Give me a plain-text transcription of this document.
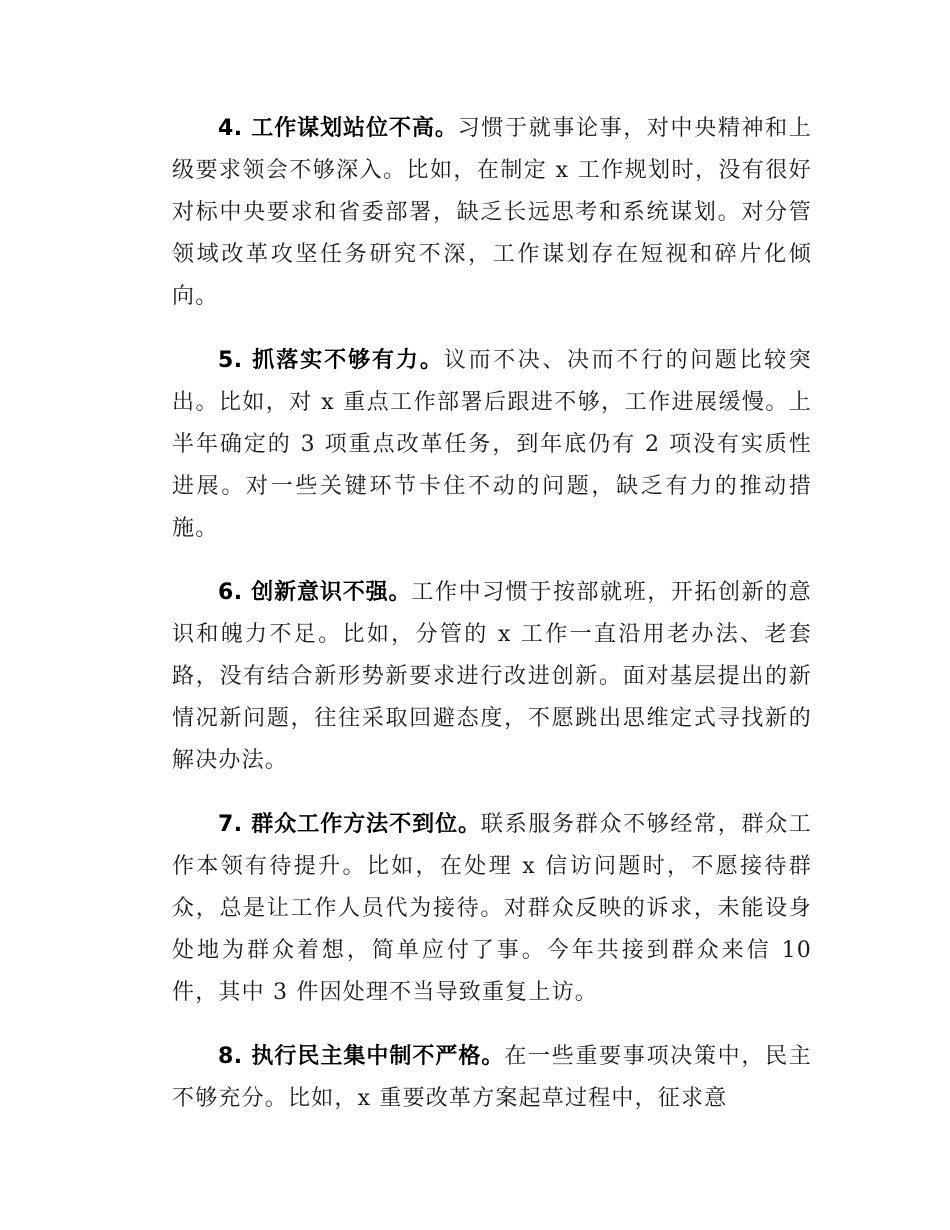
4. 工作谋划站位不高。习惯于就事论事，对中央精神和上级要求领会不够深入。比如，在制定 x 工作规划时，没有很好对标中央要求和省委部署，缺乏长远思考和系统谋划。对分管领域改革攻坚任务研究不深，工作谋划存在短视和碎片化倾向。

5. 抓落实不够有力。议而不决、决而不行的问题比较突出。比如，对 x 重点工作部署后跟进不够，工作进展缓慢。上半年确定的 3 项重点改革任务，到年底仍有 2 项没有实质性进展。对一些关键环节卡住不动的问题，缺乏有力的推动措施。

6. 创新意识不强。工作中习惯于按部就班，开拓创新的意识和魄力不足。比如，分管的 x 工作一直沿用老办法、老套路，没有结合新形势新要求进行改进创新。面对基层提出的新情况新问题，往往采取回避态度，不愿跳出思维定式寻找新的解决办法。

7. 群众工作方法不到位。联系服务群众不够经常，群众工作本领有待提升。比如，在处理 x 信访问题时，不愿接待群众，总是让工作人员代为接待。对群众反映的诉求，未能设身处地为群众着想，简单应付了事。今年共接到群众来信 10 件，其中 3 件因处理不当导致重复上访。

8. 执行民主集中制不严格。在一些重要事项决策中，民主不够充分。比如，x 重要改革方案起草过程中，征求意
